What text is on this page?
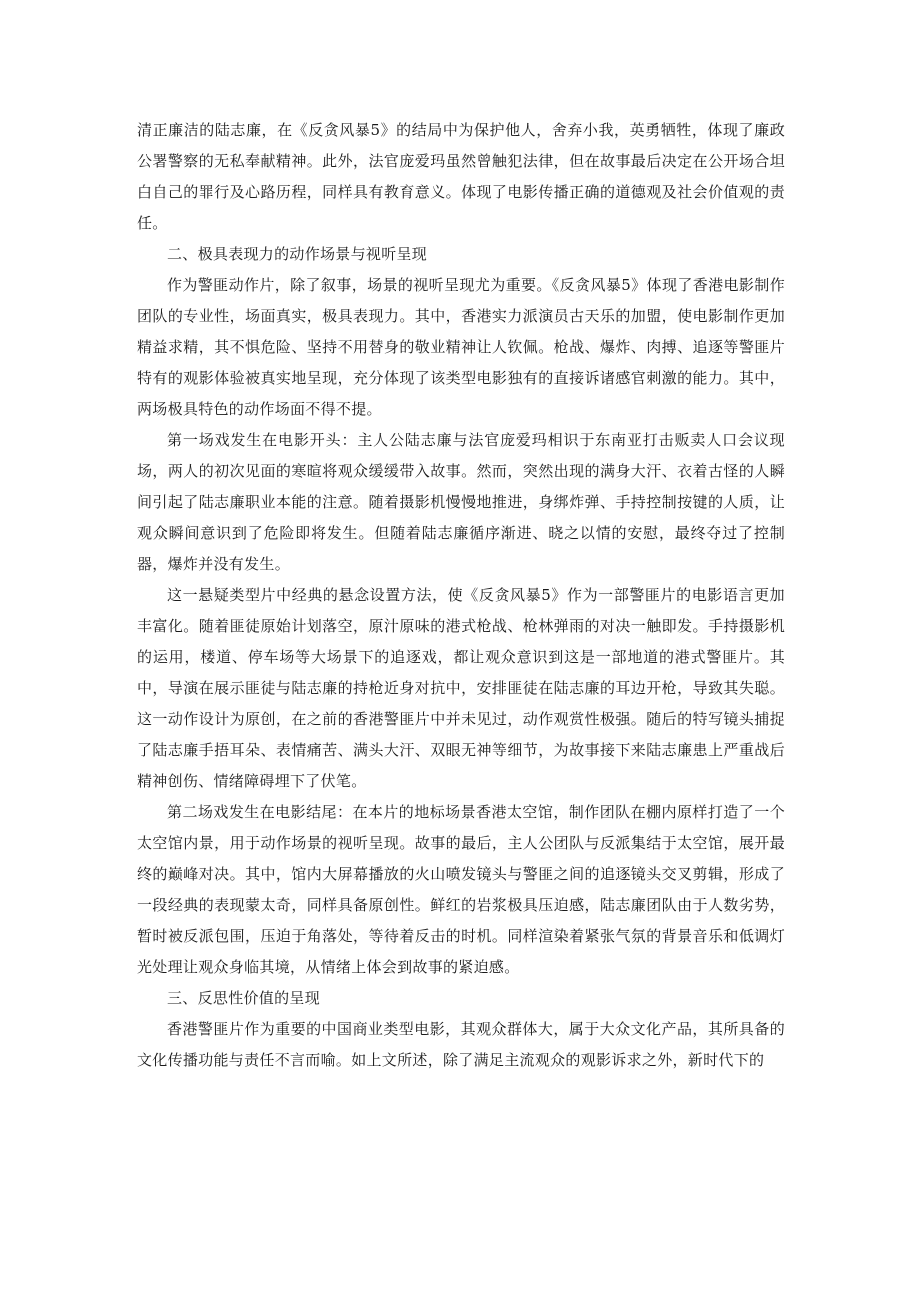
清正廉洁的陆志廉，在《反贪风暴5》的结局中为保护他人，舍弃小我，英勇牺牲，体现了廉政公署警察的无私奉献精神。此外，法官庞爱玛虽然曾触犯法律，但在故事最后决定在公开场合坦白自己的罪行及心路历程，同样具有教育意义。体现了电影传播正确的道德观及社会价值观的责任。

二、极具表现力的动作场景与视听呈现

作为警匪动作片，除了叙事，场景的视听呈现尤为重要。《反贪风暴5》体现了香港电影制作团队的专业性，场面真实，极具表现力。其中，香港实力派演员古天乐的加盟，使电影制作更加精益求精，其不惧危险、坚持不用替身的敬业精神让人钦佩。枪战、爆炸、肉搏、追逐等警匪片特有的观影体验被真实地呈现，充分体现了该类型电影独有的直接诉诸感官刺激的能力。其中，两场极具特色的动作场面不得不提。

第一场戏发生在电影开头：主人公陆志廉与法官庞爱玛相识于东南亚打击贩卖人口会议现场，两人的初次见面的寒暄将观众缓缓带入故事。然而，突然出现的满身大汗、衣着古怪的人瞬间引起了陆志廉职业本能的注意。随着摄影机慢慢地推进，身绑炸弹、手持控制按键的人质，让观众瞬间意识到了危险即将发生。但随着陆志廉循序渐进、晓之以情的安慰，最终夺过了控制器，爆炸并没有发生。

这一悬疑类型片中经典的悬念设置方法，使《反贪风暴5》作为一部警匪片的电影语言更加丰富化。随着匪徒原始计划落空，原汁原味的港式枪战、枪林弹雨的对决一触即发。手持摄影机的运用，楼道、停车场等大场景下的追逐戏，都让观众意识到这是一部地道的港式警匪片。其中，导演在展示匪徒与陆志廉的持枪近身对抗中，安排匪徒在陆志廉的耳边开枪，导致其失聪。这一动作设计为原创，在之前的香港警匪片中并未见过，动作观赏性极强。随后的特写镜头捕捉了陆志廉手捂耳朵、表情痛苦、满头大汗、双眼无神等细节，为故事接下来陆志廉患上严重战后精神创伤、情绪障碍埋下了伏笔。

第二场戏发生在电影结尾：在本片的地标场景香港太空馆，制作团队在棚内原样打造了一个太空馆内景，用于动作场景的视听呈现。故事的最后，主人公团队与反派集结于太空馆，展开最终的巅峰对决。其中，馆内大屏幕播放的火山喷发镜头与警匪之间的追逐镜头交叉剪辑，形成了一段经典的表现蒙太奇，同样具备原创性。鲜红的岩浆极具压迫感，陆志廉团队由于人数劣势，暂时被反派包围，压迫于角落处，等待着反击的时机。同样渲染着紧张气氛的背景音乐和低调灯光处理让观众身临其境，从情绪上体会到故事的紧迫感。

三、反思性价值的呈现

香港警匪片作为重要的中国商业类型电影，其观众群体大，属于大众文化产品，其所具备的文化传播功能与责任不言而喻。如上文所述，除了满足主流观众的观影诉求之外，新时代下的
